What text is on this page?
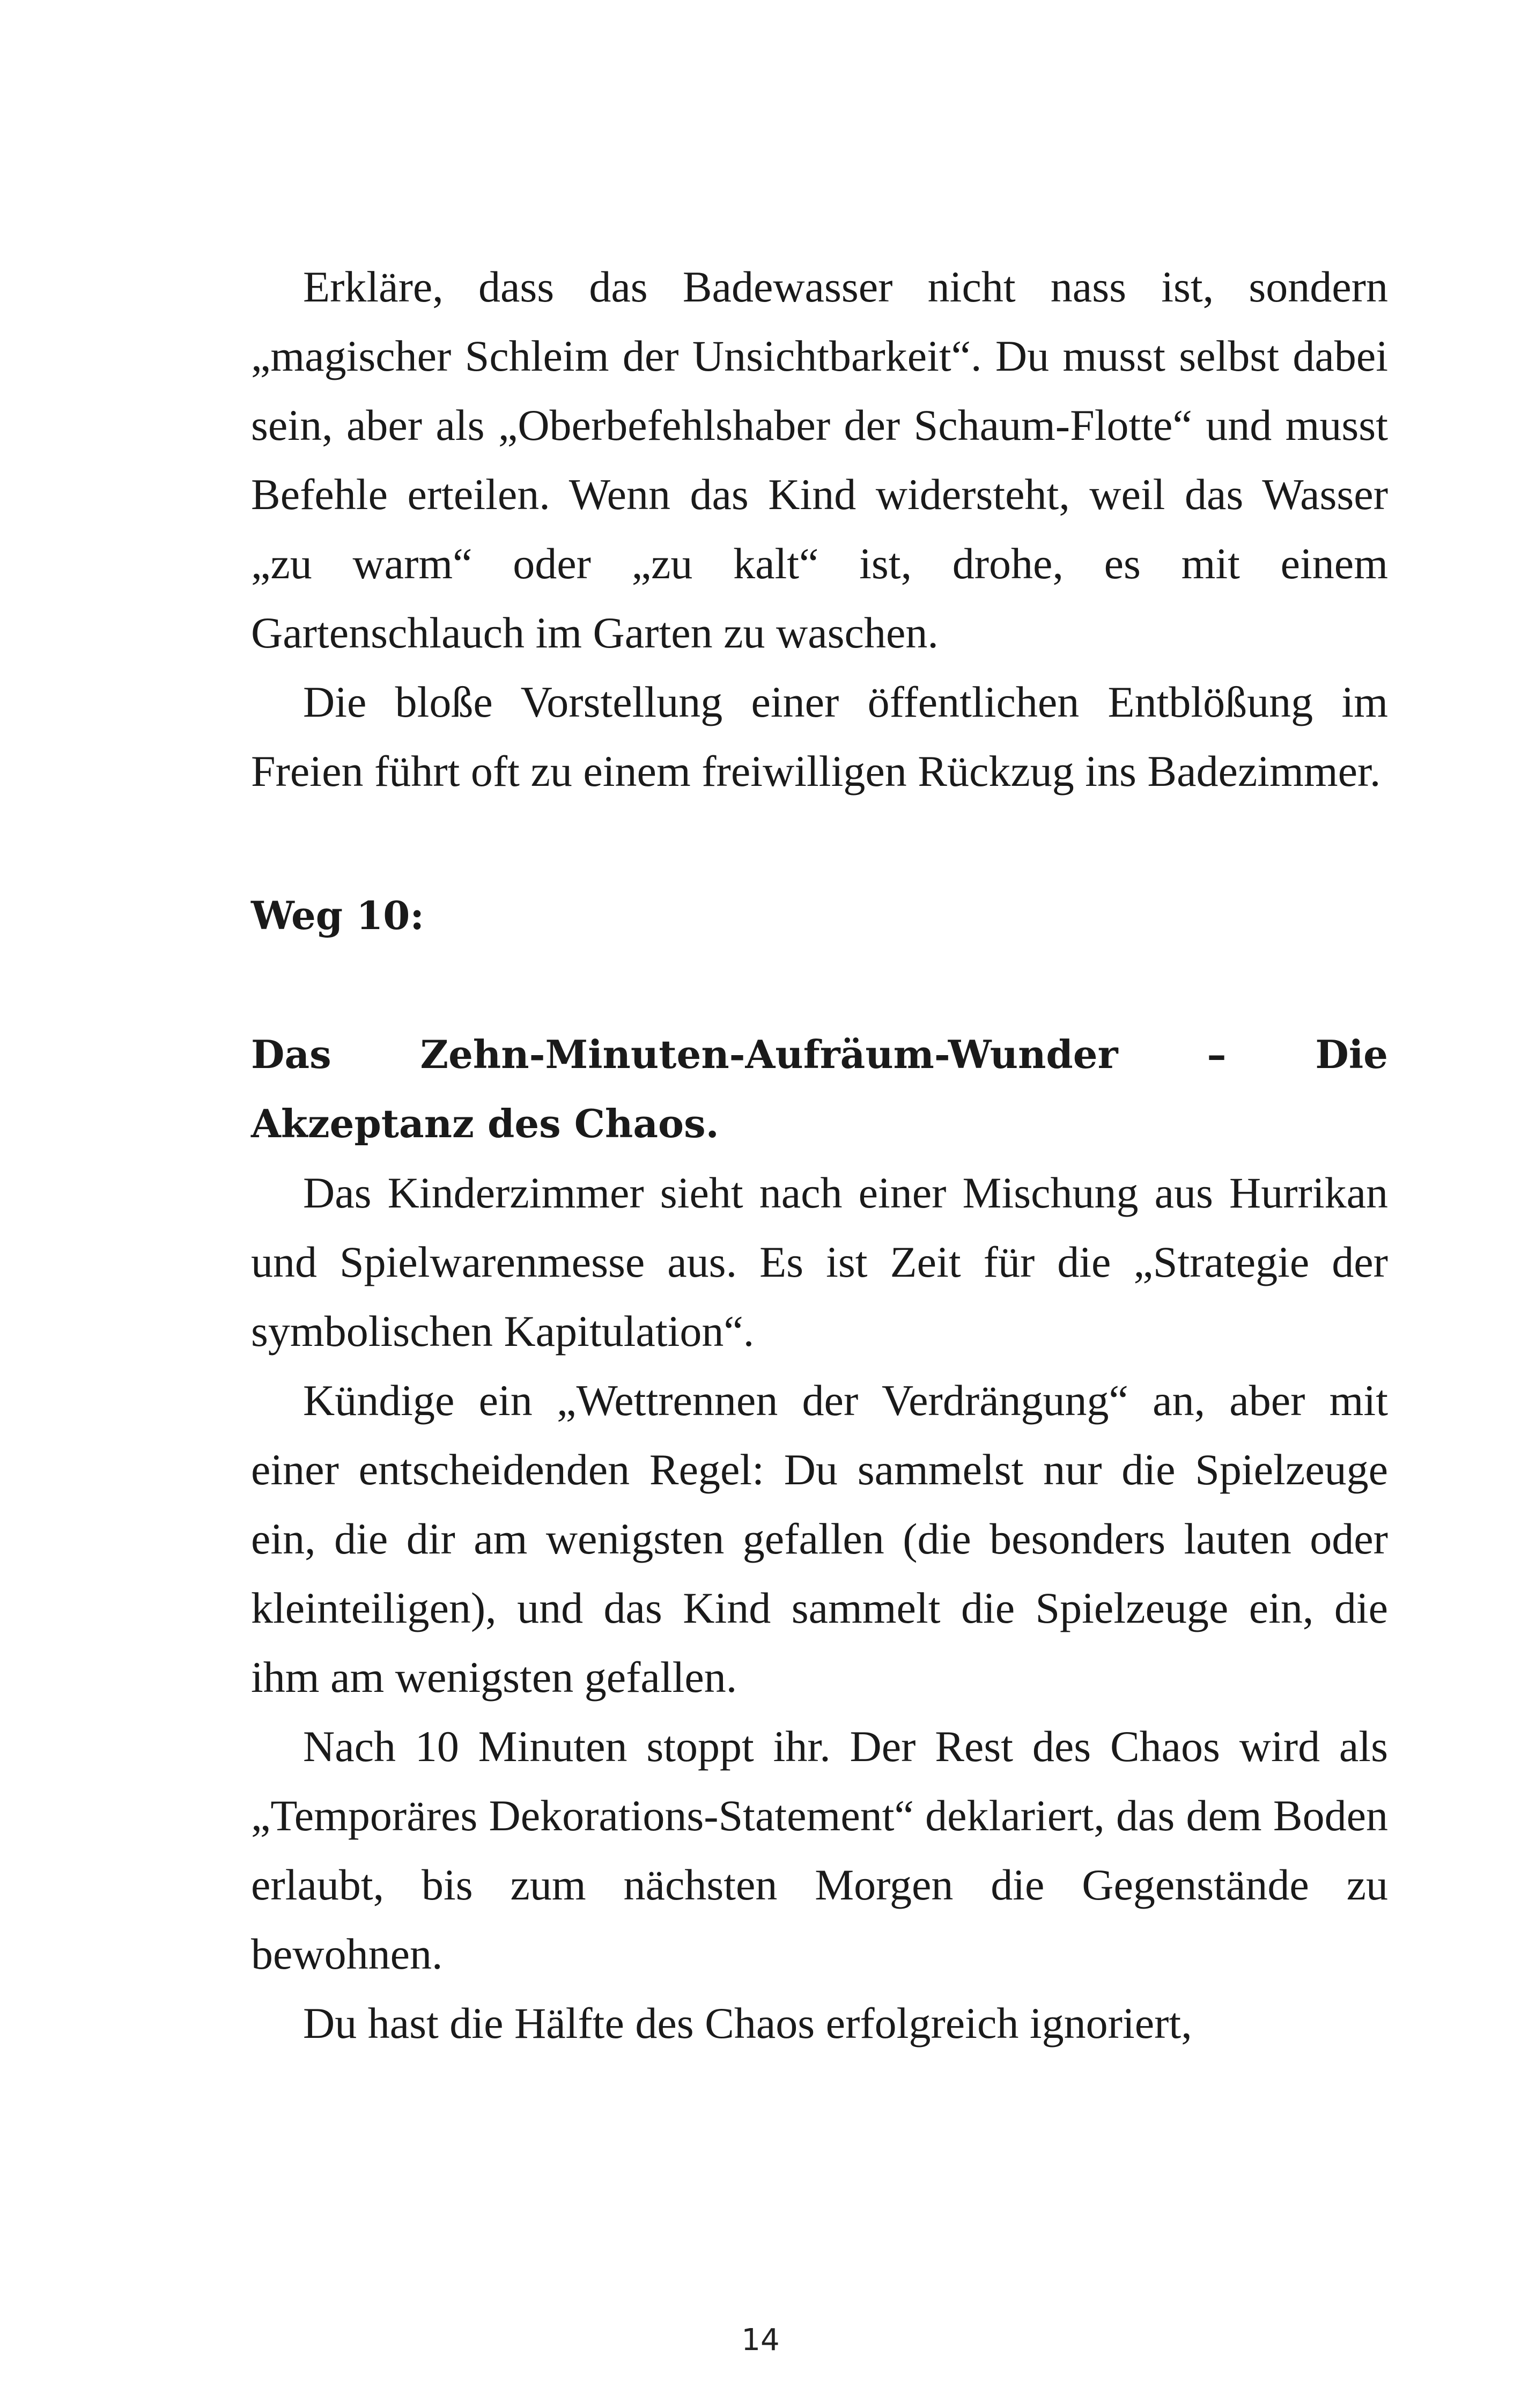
Erkläre, dass das Badewasser nicht nass ist, sondern „magischer Schleim der Unsichtbarkeit“. Du musst selbst dabei sein, aber als „Oberbefehlshaber der Schaum-Flotte“ und musst Befehle erteilen. Wenn das Kind widersteht, weil das Wasser „zu warm“ oder „zu kalt“ ist, drohe, es mit einem Gartenschlauch im Garten zu waschen.

Die bloße Vorstellung einer öffentlichen Entblößung im Freien führt oft zu einem freiwilligen Rückzug ins Badezimmer.

Weg 10:

Das Zehn-Minuten-Aufräum-Wunder – Die Akzeptanz des Chaos.

Das Kinderzimmer sieht nach einer Mischung aus Hurrikan und Spielwarenmesse aus. Es ist Zeit für die „Strategie der symbolischen Kapitulation“.

Kündige ein „Wettrennen der Verdrängung“ an, aber mit einer entscheidenden Regel: Du sammelst nur die Spielzeuge ein, die dir am wenigsten gefallen (die besonders lauten oder kleinteiligen), und das Kind sammelt die Spielzeuge ein, die ihm am wenigsten gefallen.

Nach 10 Minuten stoppt ihr. Der Rest des Chaos wird als „Temporäres Dekorations-Statement“ deklariert, das dem Boden erlaubt, bis zum nächsten Morgen die Gegenstände zu bewohnen.

Du hast die Hälfte des Chaos erfolgreich ignoriert,

14
